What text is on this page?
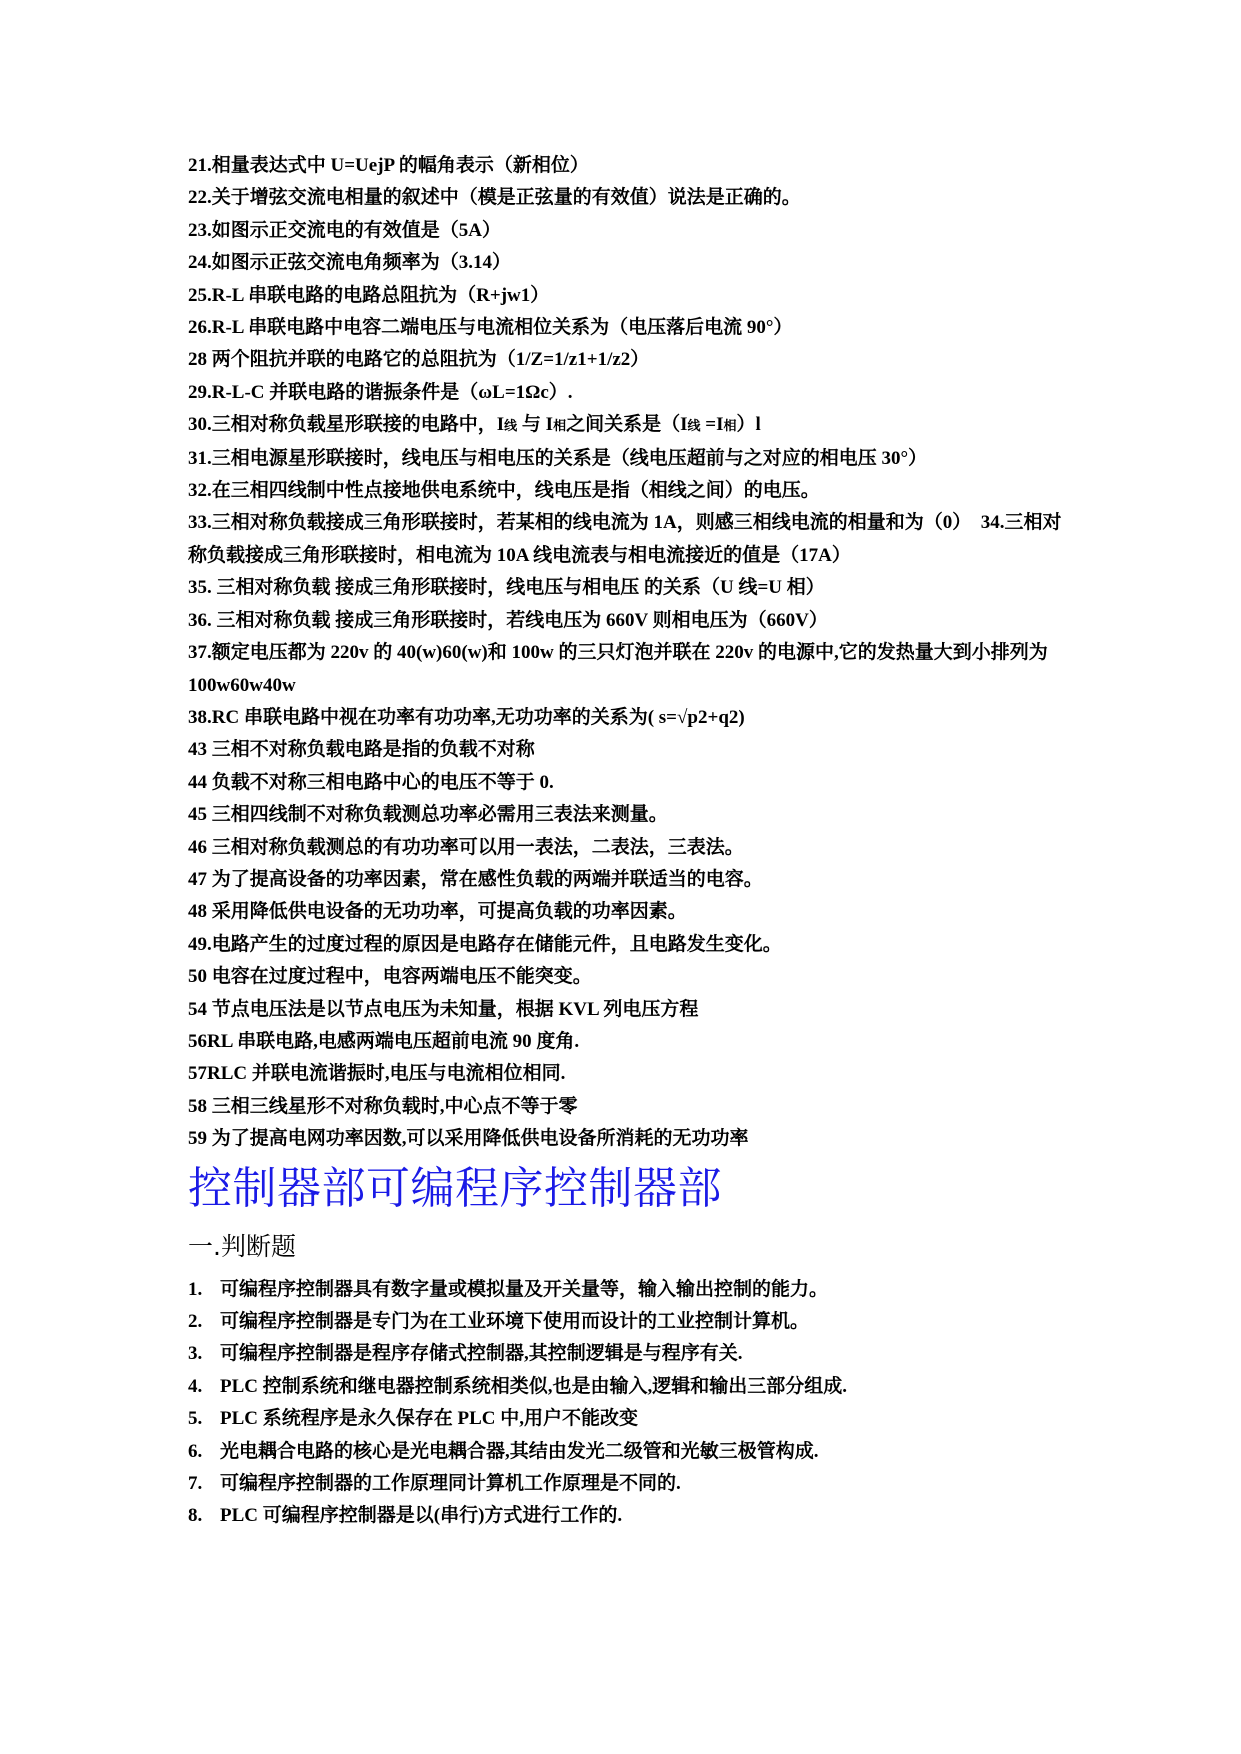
21.相量表达式中 U=UejP 的幅角表示（新相位）
22.关于增弦交流电相量的叙述中（模是正弦量的有效值）说法是正确的。
23.如图示正交流电的有效值是（5A）
24.如图示正弦交流电角频率为（3.14）
25.R-L 串联电路的电路总阻抗为（R+jw1）
26.R-L 串联电路中电容二端电压与电流相位关系为（电压落后电流 90°）
28 两个阻抗并联的电路它的总阻抗为（1/Z=1/z1+1/z2）
29.R-L-C 并联电路的谐振条件是（ωL=1Ωc）.
30.三相对称负载星形联接的电路中，I线 与 I相之间关系是（I线 =I相）l
31.三相电源星形联接时，线电压与相电压的关系是（线电压超前与之对应的相电压 30°）
32.在三相四线制中性点接地供电系统中，线电压是指（相线之间）的电压。
33.三相对称负载接成三角形联接时，若某相的线电流为 1A，则感三相线电流的相量和为（0）　34.三相对称负载接成三角形联接时，相电流为 10A 线电流表与相电流接近的值是（17A）
35. 三相对称负载 接成三角形联接时，线电压与相电压 的关系（U 线=U 相）
36. 三相对称负载 接成三角形联接时，若线电压为 660V 则相电压为（660V）
37.额定电压都为 220v 的 40(w)60(w)和 100w 的三只灯泡并联在 220v 的电源中,它的发热量大到小排列为 100w60w40w
38.RC 串联电路中视在功率有功功率,无功功率的关系为( s=√p2+q2)
43 三相不对称负载电路是指的负载不对称
44 负载不对称三相电路中心的电压不等于 0.
45 三相四线制不对称负载测总功率必需用三表法来测量。
46 三相对称负载测总的有功功率可以用一表法，二表法，三表法。
47 为了提高设备的功率因素，常在感性负载的两端并联适当的电容。
48 采用降低供电设备的无功功率，可提高负载的功率因素。
49.电路产生的过度过程的原因是电路存在储能元件，且电路发生变化。
50 电容在过度过程中，电容两端电压不能突变。
54 节点电压法是以节点电压为未知量，根据 KVL 列电压方程
56RL 串联电路,电感两端电压超前电流 90 度角.
57RLC 并联电流谐振时,电压与电流相位相同.
58 三相三线星形不对称负载时,中心点不等于零
59 为了提高电网功率因数,可以采用降低供电设备所消耗的无功功率
控制器部可编程序控制器部
一.判断题
1. 可编程序控制器具有数字量或模拟量及开关量等，输入输出控制的能力。
2. 可编程序控制器是专门为在工业环境下使用而设计的工业控制计算机。
3. 可编程序控制器是程序存储式控制器,其控制逻辑是与程序有关.
4. PLC 控制系统和继电器控制系统相类似,也是由输入,逻辑和输出三部分组成.
5. PLC 系统程序是永久保存在 PLC 中,用户不能改变
6. 光电耦合电路的核心是光电耦合器,其结由发光二级管和光敏三极管构成.
7. 可编程序控制器的工作原理同计算机工作原理是不同的.
8. PLC 可编程序控制器是以(串行)方式进行工作的.
